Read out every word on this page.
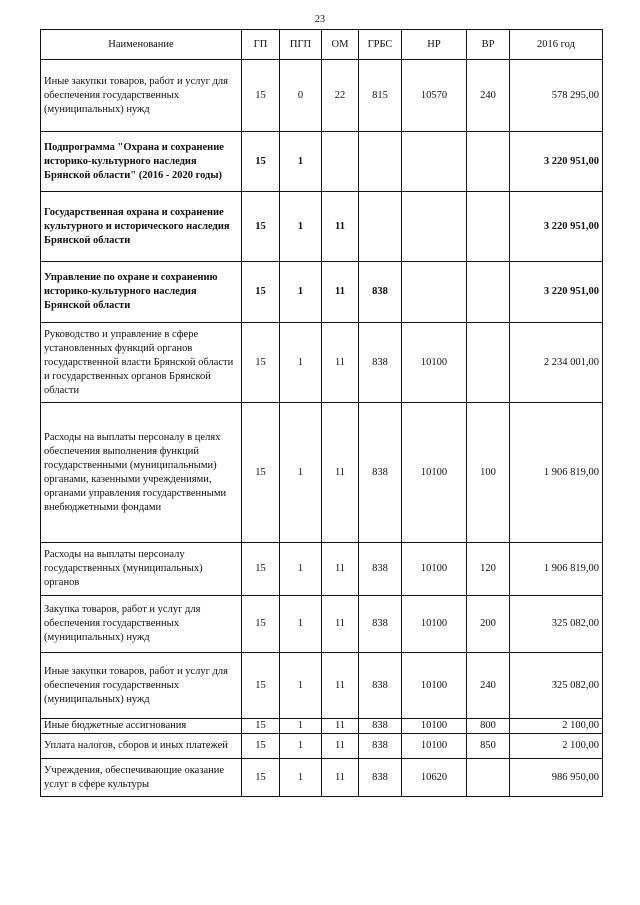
23
Наименование	ГП	ПГП	ОМ	ГРБС	НР	ВР	2016 год
Иные закупки товаров, работ и услуг для обеспечения государственных (муниципальных) нужд	15	0	22	815	10570	240	578 295,00
Подпрограмма "Охрана и сохранение историко-культурного наследия Брянской области" (2016 - 2020 годы)	15	1					3 220 951,00
Государственная охрана и сохранение культурного и исторического наследия Брянской области	15	1	11				3 220 951,00
Управление по охране и сохранению историко-культурного наследия Брянской области	15	1	11	838			3 220 951,00
Руководство и управление в сфере установленных функций органов государственной власти Брянской области и государственных органов Брянской области	15	1	11	838	10100		2 234 001,00
Расходы на выплаты персоналу в целях обеспечения выполнения функций государственными (муниципальными) органами, казенными учреждениями, органами управления государственными внебюджетными фондами	15	1	11	838	10100	100	1 906 819,00
Расходы на выплаты персоналу государственных (муниципальных) органов	15	1	11	838	10100	120	1 906 819,00
Закупка товаров, работ и услуг для обеспечения государственных (муниципальных) нужд	15	1	11	838	10100	200	325 082,00
Иные закупки товаров, работ и услуг для обеспечения государственных (муниципальных) нужд	15	1	11	838	10100	240	325 082,00
Иные бюджетные ассигнования	15	1	11	838	10100	800	2 100,00
Уплата налогов, сборов и иных платежей	15	1	11	838	10100	850	2 100,00
Учреждения, обеспечивающие оказание услуг в сфере культуры	15	1	11	838	10620		986 950,00
